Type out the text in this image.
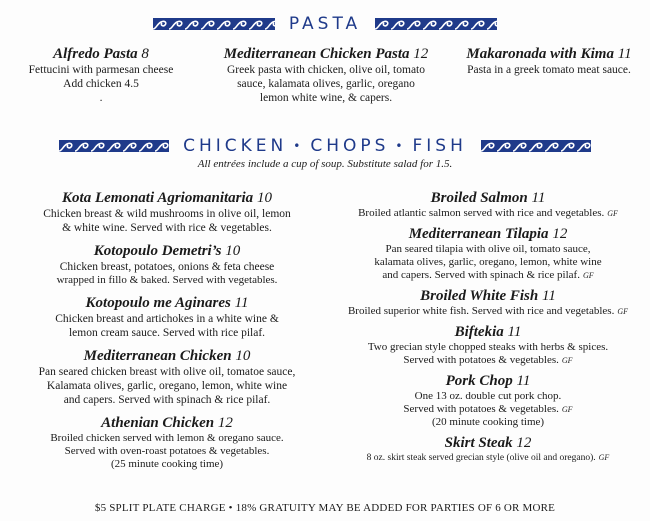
PASTA
Alfredo Pasta 8
Fettucini with parmesan cheese
Add chicken 4.5
.
Mediterranean Chicken Pasta 12
Greek pasta with chicken, olive oil, tomato
sauce, kalamata olives, garlic, oregano
lemon white wine, & capers.
Makaronada with Kima 11
Pasta in a greek tomato meat sauce.
CHICKEN • CHOPS • FISH
All entrées include a cup of soup. Substitute salad for 1.5.
Kota Lemonati Agriomanitaria 10
Chicken breast & wild mushrooms in olive oil, lemon
& white wine. Served with rice & vegetables.
Kotopoulo Demetri’s 10
Chicken breast, potatoes, onions & feta cheese
wrapped in fillo & baked. Served with vegetables.
Kotopoulo me Aginares 11
Chicken breast and artichokes in a white wine &
lemon cream sauce. Served with rice pilaf.
Mediterranean Chicken 10
Pan seared chicken breast with olive oil, tomatoe sauce,
Kalamata olives, garlic, oregano, lemon, white wine
and capers. Served with spinach & rice pilaf.
Athenian Chicken 12
Broiled chicken served with lemon & oregano sauce.
Served with oven-roast potatoes & vegetables.
(25 minute cooking time)
Broiled Salmon 11
Broiled atlantic salmon served with rice and vegetables. GF
Mediterranean Tilapia 12
Pan seared tilapia with olive oil, tomato sauce,
kalamata olives, garlic, oregano, lemon, white wine
and capers. Served with spinach & rice pilaf. GF
Broiled White Fish 11
Broiled superior white fish. Served with rice and vegetables. GF
Biftekia 11
Two grecian style chopped steaks with herbs & spices.
Served with potatoes & vegetables. GF
Pork Chop 11
One 13 oz. double cut pork chop.
Served with potatoes & vegetables. GF
(20 minute cooking time)
Skirt Steak 12
8 oz. skirt steak served grecian style (olive oil and oregano). GF
$5 SPLIT PLATE CHARGE • 18% GRATUITY MAY BE ADDED FOR PARTIES OF 6 OR MORE
